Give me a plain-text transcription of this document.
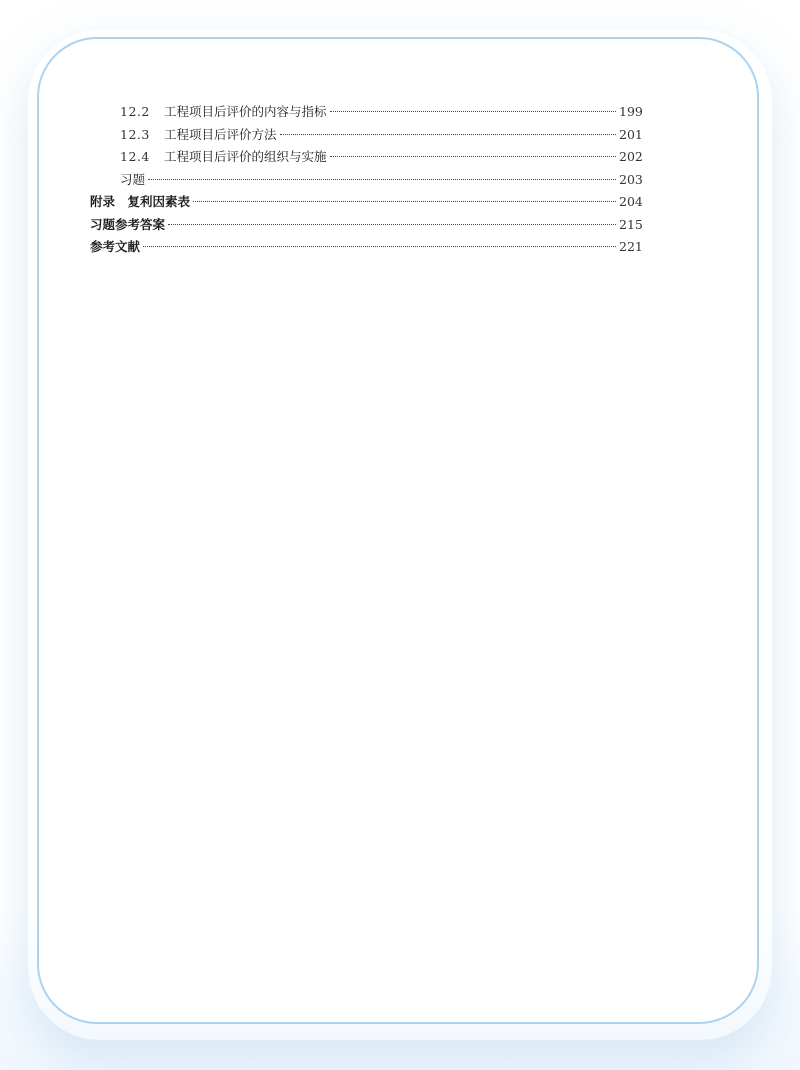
12.2	工程项目后评价的内容与指标	199
12.3	工程项目后评价方法	201
12.4	工程项目后评价的组织与实施	202
习题	203
附录　复利因素表	204
习题参考答案	215
参考文献	221
